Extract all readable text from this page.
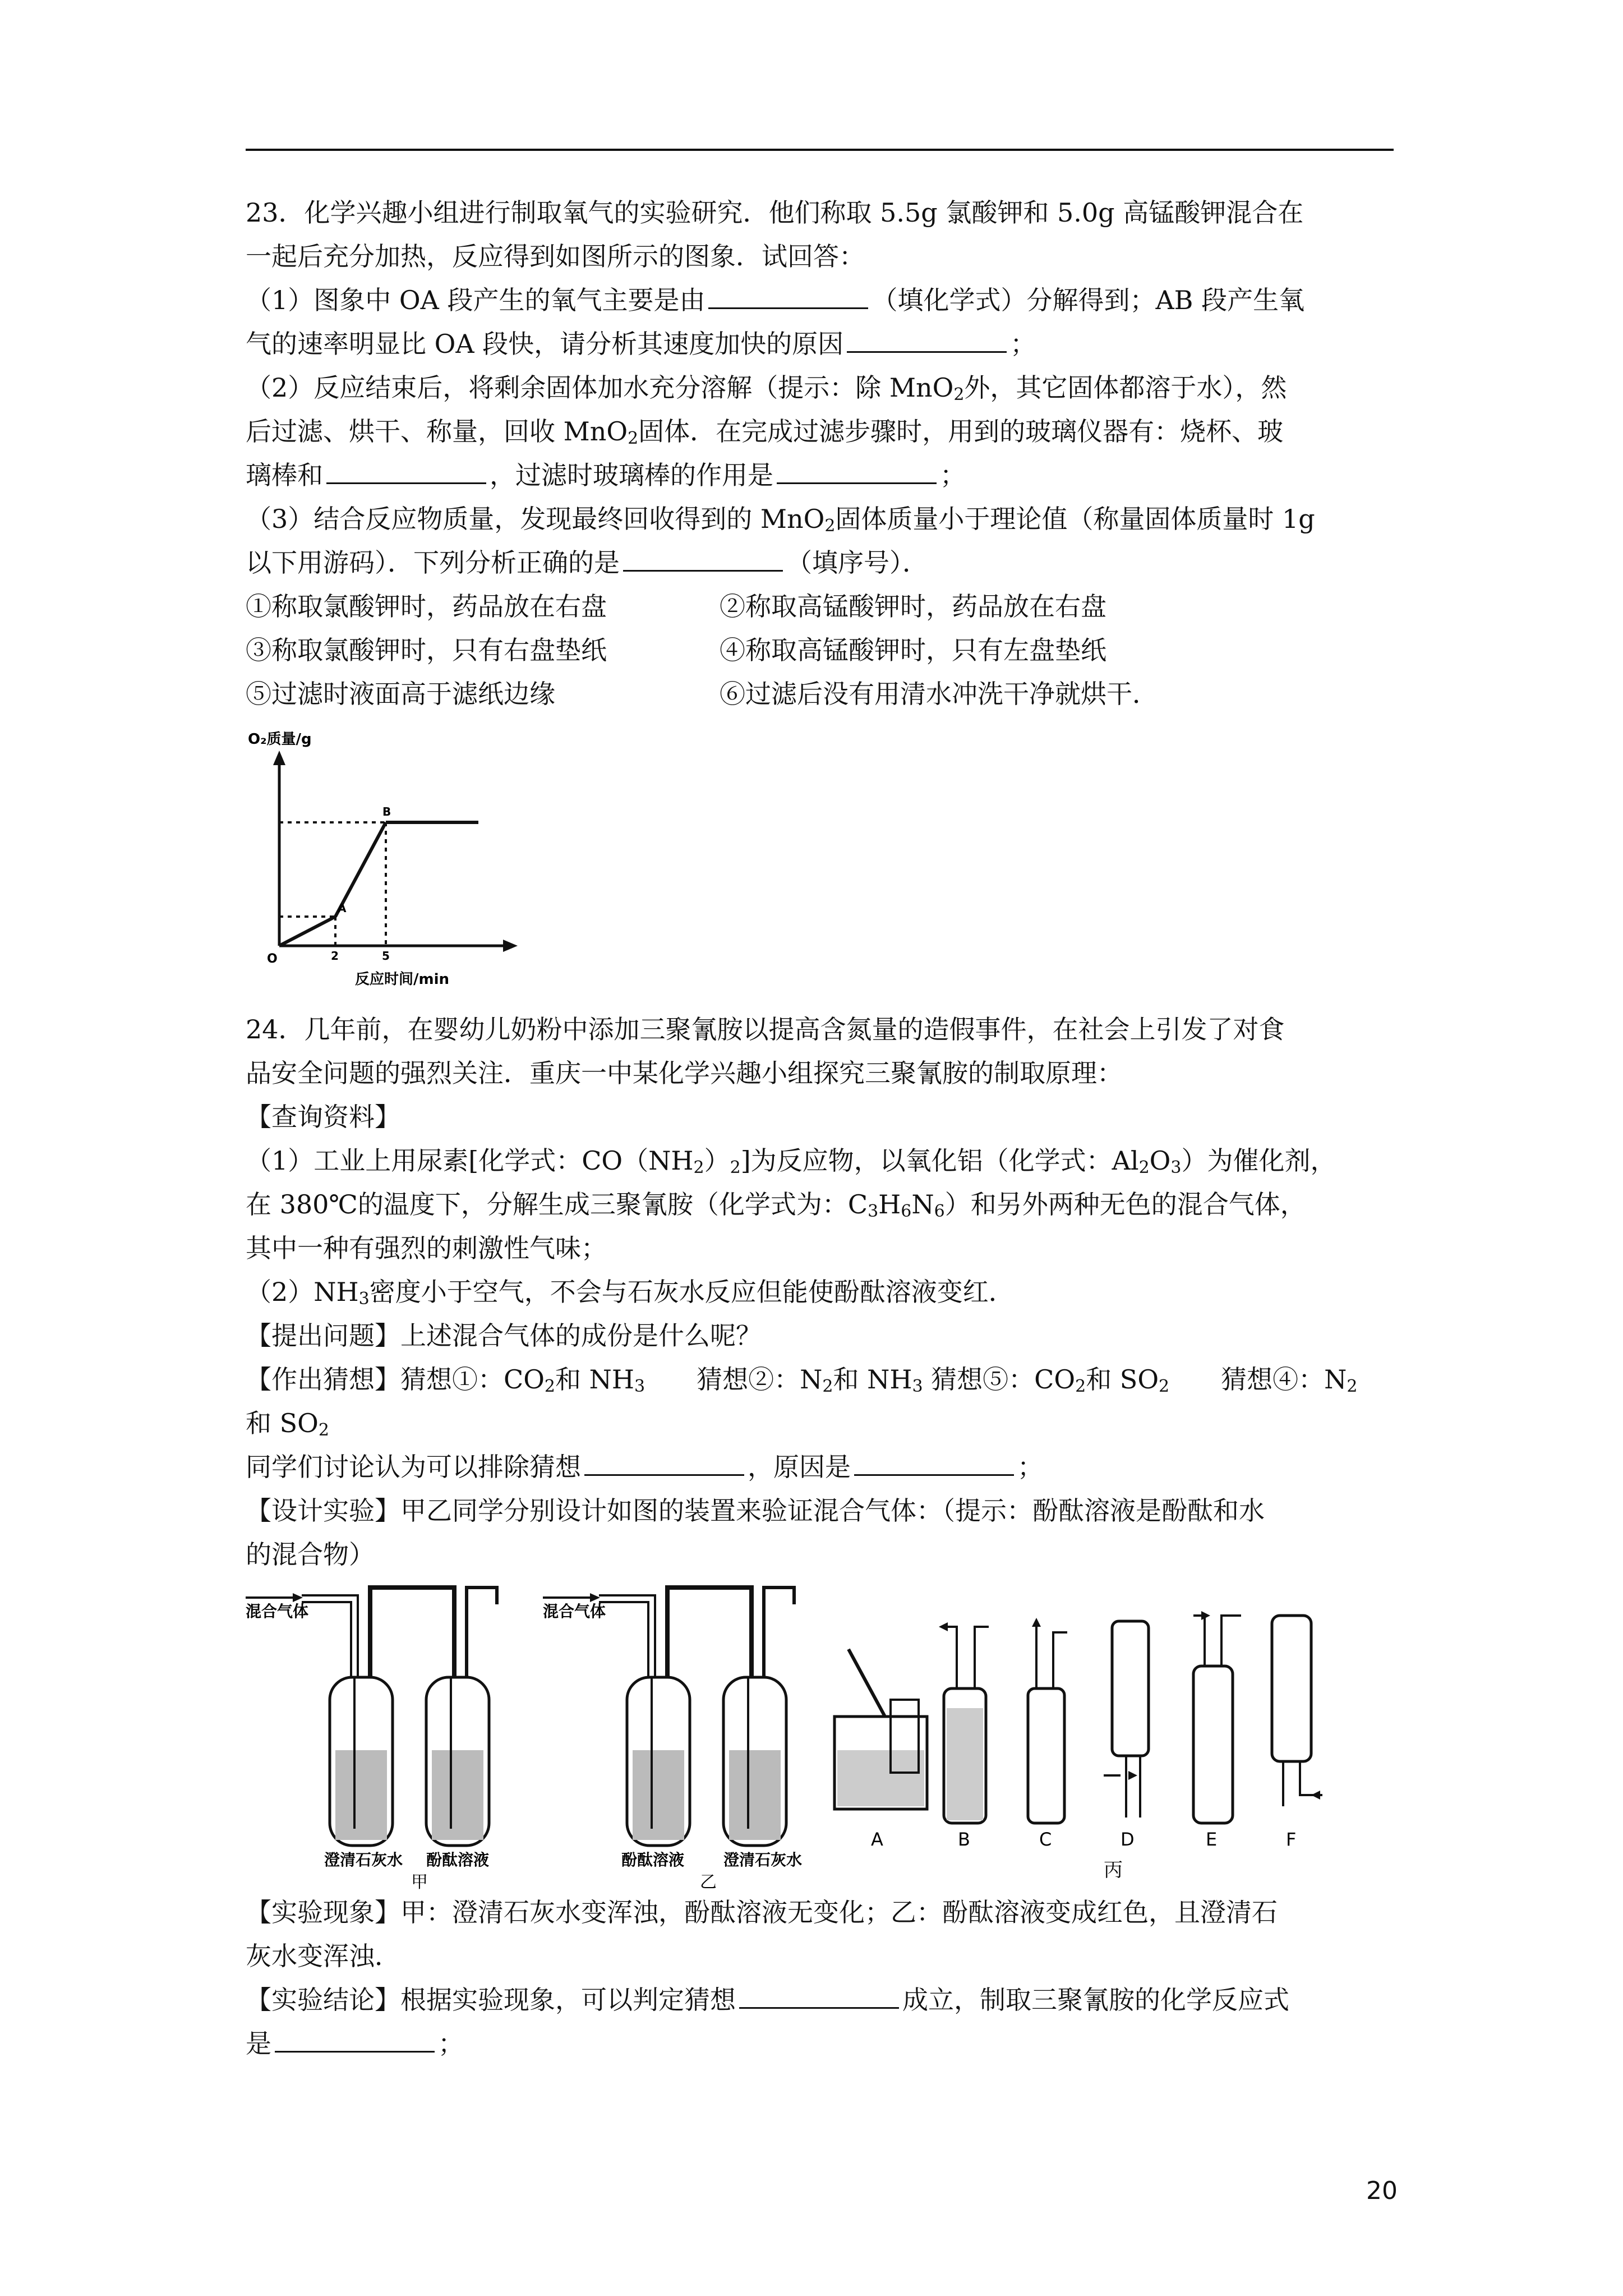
23．化学兴趣小组进行制取氧气的实验研究．他们称取 5.5g 氯酸钾和 5.0g 高锰酸钾混合在

一起后充分加热，反应得到如图所示的图象．试回答：

（1）图象中 OA 段产生的氧气主要是由	（填化学式）分解得到；AB 段产生氧

气的速率明显比 OA 段快，请分析其速度加快的原因	；

（2）反应结束后，将剩余固体加水充分溶解（提示：除 MnO$_2$外，其它固体都溶于水），然

后过滤、烘干、称量，回收 MnO$_2$固体．在完成过滤步骤时，用到的玻璃仪器有：烧杯、玻

璃棒和	，过滤时玻璃棒的作用是	；

（3）结合反应物质量，发现最终回收得到的 MnO$_2$固体质量小于理论值（称量固体质量时 1g

以下用游码）．下列分析正确的是	（填序号）．

①称取氯酸钾时，药品放在右盘	②称取高锰酸钾时，药品放在右盘
③称取氯酸钾时，只有右盘垫纸	④称取高锰酸钾时，只有左盘垫纸
⑤过滤时液面高于滤纸边缘	⑥过滤后没有用清水冲洗干净就烘干．
O₂质量/g
A
B
O	2	5
反应时间/min

24．几年前，在婴幼儿奶粉中添加三聚氰胺以提高含氮量的造假事件，在社会上引发了对食

品安全问题的强烈关注．重庆一中某化学兴趣小组探究三聚氰胺的制取原理：

【查询资料】

（1）工业上用尿素[化学式：$CO(NH_2)_2$]为反应物，以氧化铝（化学式：$Al_2O_3$）为催化剂，

在 380℃的温度下，分解生成三聚氰胺（化学式为：$C_3H_6N_6$）和另外两种无色的混合气体，

其中一种有强烈的刺激性气味；

$(2)NH_3$密度小于空气，不会与石灰水反应但能使酚酞溶液变红．

【提出问题】上述混合气体的成份是什么呢？

【作出猜想】猜想①：$CO_2$和 $NH_3$　　猜想②：$N_2$和 $NH_3$ 猜想⑤：$CO_2$和 $SO_2$　　猜想④：$N_2$

和 $SO_2$

同学们讨论认为可以排除猜想	，原因是	；

【设计实验】甲乙同学分别设计如图的装置来验证混合气体：（提示：酚酞溶液是酚酞和水

的混合物）

混合气体
澄清石灰水 酚酞溶液
甲
混合气体
酚酞溶液 澄清石灰水
乙
A	B	C	D	E	F
丙

【实验现象】甲：澄清石灰水变浑浊，酚酞溶液无变化；乙：酚酞溶液变成红色，且澄清石

灰水变浑浊．

【实验结论】根据实验现象，可以判定猜想	成立，制取三聚氰胺的化学反应式

是	；

20
